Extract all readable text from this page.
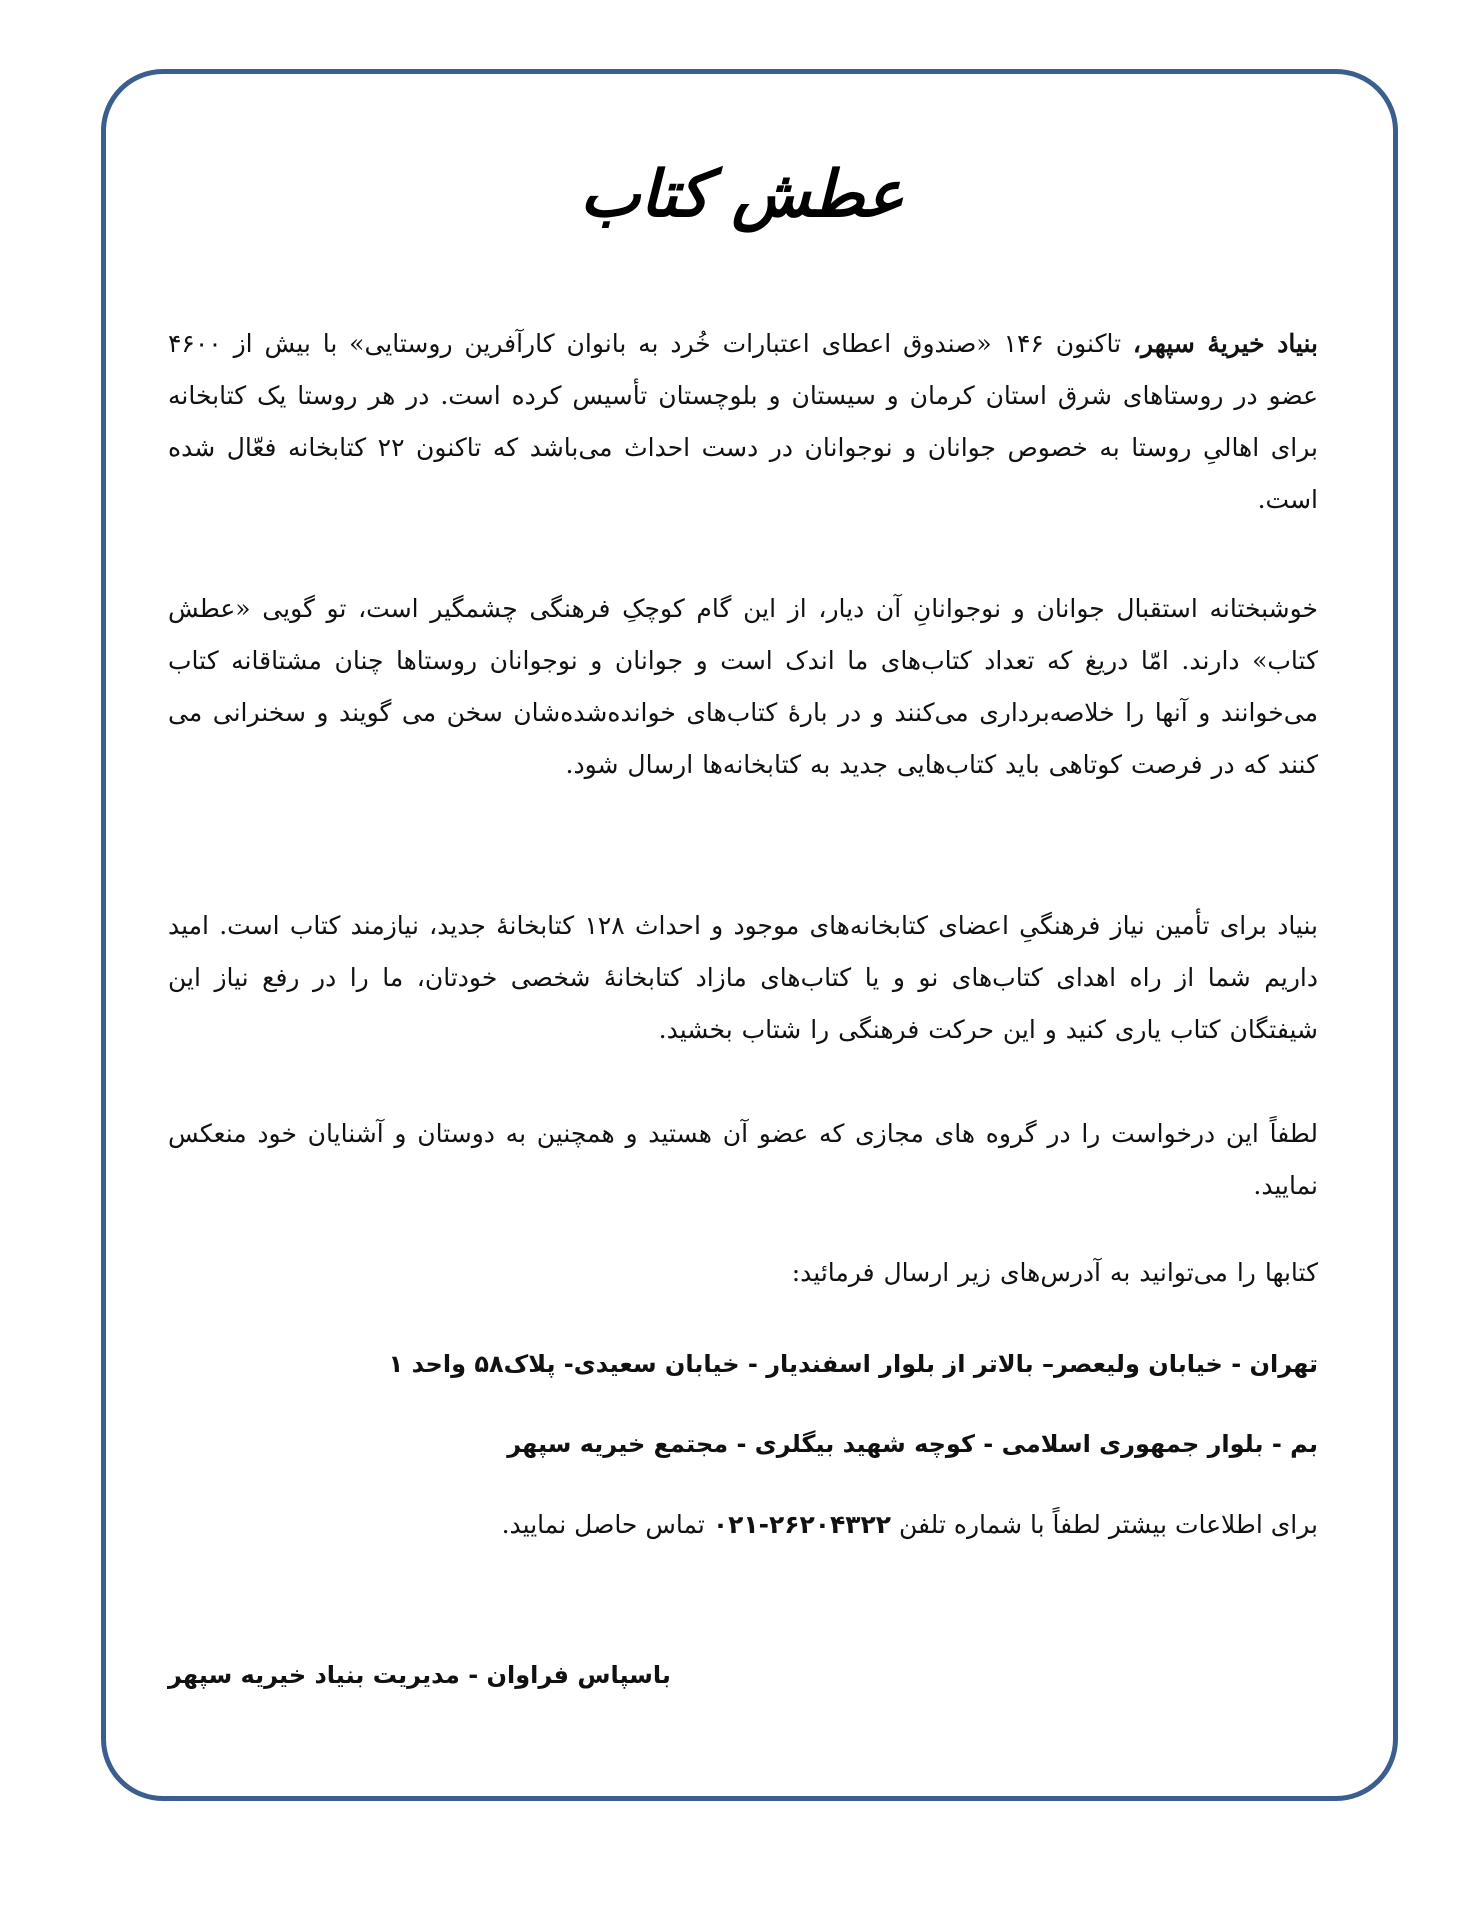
عطش کتاب

بنیاد خیریهٔ سپهر، تاکنون ۱۴۶ «صندوق اعطای اعتبارات خُرد به بانوان کارآفرین روستایی» با بیش از ۴۶۰۰ عضو در روستاهای شرق استان کرمان و سیستان و بلوچستان تأسیس کرده است. در هر روستا یک کتابخانه برای اهالیِ روستا به خصوص جوانان و نوجوانان در دست احداث می‌باشد که تاکنون ۲۲ کتابخانه فعّال شده است.

خوشبختانه استقبال جوانان و نوجوانانِ آن دیار، از این گام کوچکِ فرهنگی چشمگیر است، تو گویی «عطش کتاب» دارند. امّا دریغ که تعداد کتاب‌های ما اندک است و جوانان و نوجوانان روستاها چنان مشتاقانه کتاب می‌خوانند و آنها را خلاصه‌برداری می‌کنند و در بارهٔ کتاب‌های خوانده‌شده‌شان سخن می گویند و سخنرانی می کنند که در فرصت کوتاهی باید کتاب‌هایی جدید به کتابخانه‌ها ارسال شود.

بنیاد برای تأمین نیاز فرهنگیِ اعضای کتابخانه‌های موجود و احداث ۱۲۸ کتابخانهٔ جدید، نیازمند کتاب است. امید داریم شما از راه اهدای کتاب‌های نو و یا کتاب‌های مازاد کتابخانهٔ شخصی خودتان، ما را در رفع نیاز این شیفتگان کتاب یاری کنید و این حرکت فرهنگی را شتاب بخشید.

لطفاً این درخواست را در گروه های مجازی که عضو آن هستید و همچنین به دوستان و آشنایان خود منعکس نمایید.

کتابها را می‌توانید به آدرس‌های زیر ارسال فرمائید:

تهران - خیابان ولیعصر– بالاتر از بلوار اسفندیار - خیابان سعیدی- پلاک۵۸ واحد ۱
بم - بلوار جمهوری اسلامی - کوچه شهید بیگلری - مجتمع خیریه سپهر
برای اطلاعات بیشتر لطفاً با شماره تلفن ۰۲۱-۲۶۲۰۴۳۲۲ تماس حاصل نمایید.
باسپاس فراوان - مدیریت بنیاد خیریه سپهر
